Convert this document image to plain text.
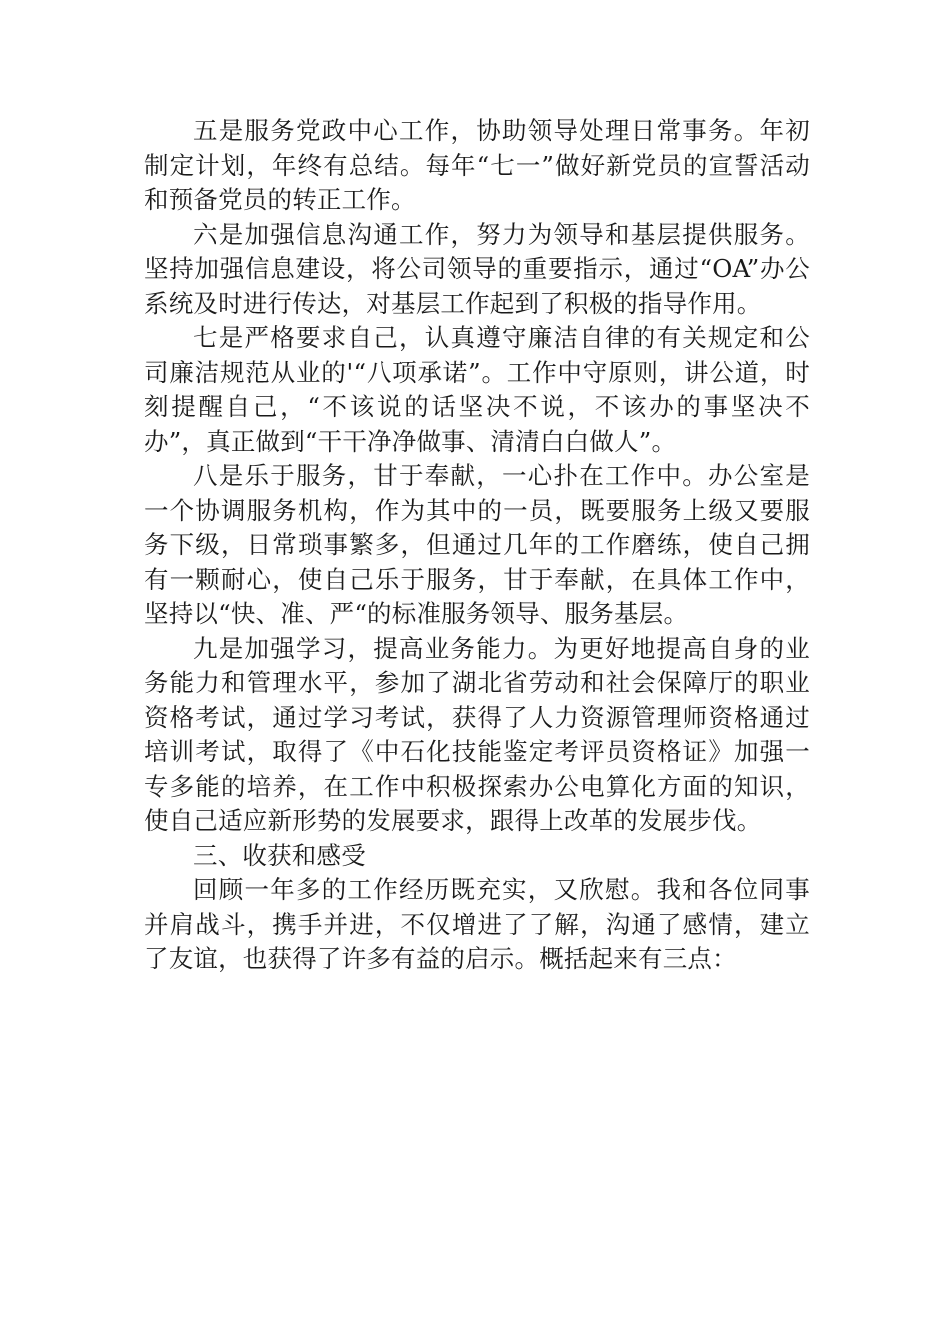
五是服务党政中心工作，协助领导处理日常事务。年初制定计划，年终有总结。每年“七一”做好新党员的宣誓活动和预备党员的转正工作。

六是加强信息沟通工作，努力为领导和基层提供服务。坚持加强信息建设，将公司领导的重要指示，通过“OA”办公系统及时进行传达，对基层工作起到了积极的指导作用。

七是严格要求自己，认真遵守廉洁自律的有关规定和公司廉洁规范从业的'“八项承诺”。工作中守原则，讲公道，时刻提醒自己，“不该说的话坚决不说，不该办的事坚决不办”，真正做到“干干净净做事、清清白白做人”。

八是乐于服务，甘于奉献，一心扑在工作中。办公室是一个协调服务机构，作为其中的一员，既要服务上级又要服务下级，日常琐事繁多，但通过几年的工作磨练，使自己拥有一颗耐心，使自己乐于服务，甘于奉献，在具体工作中，坚持以“快、准、严“的标准服务领导、服务基层。

九是加强学习，提高业务能力。为更好地提高自身的业务能力和管理水平，参加了湖北省劳动和社会保障厅的职业资格考试，通过学习考试，获得了人力资源管理师资格通过培训考试，取得了《中石化技能鉴定考评员资格证》加强一专多能的培养，在工作中积极探索办公电算化方面的知识，使自己适应新形势的发展要求，跟得上改革的发展步伐。

三、收获和感受

回顾一年多的工作经历既充实，又欣慰。我和各位同事并肩战斗，携手并进，不仅增进了了解，沟通了感情，建立了友谊，也获得了许多有益的启示。概括起来有三点：
